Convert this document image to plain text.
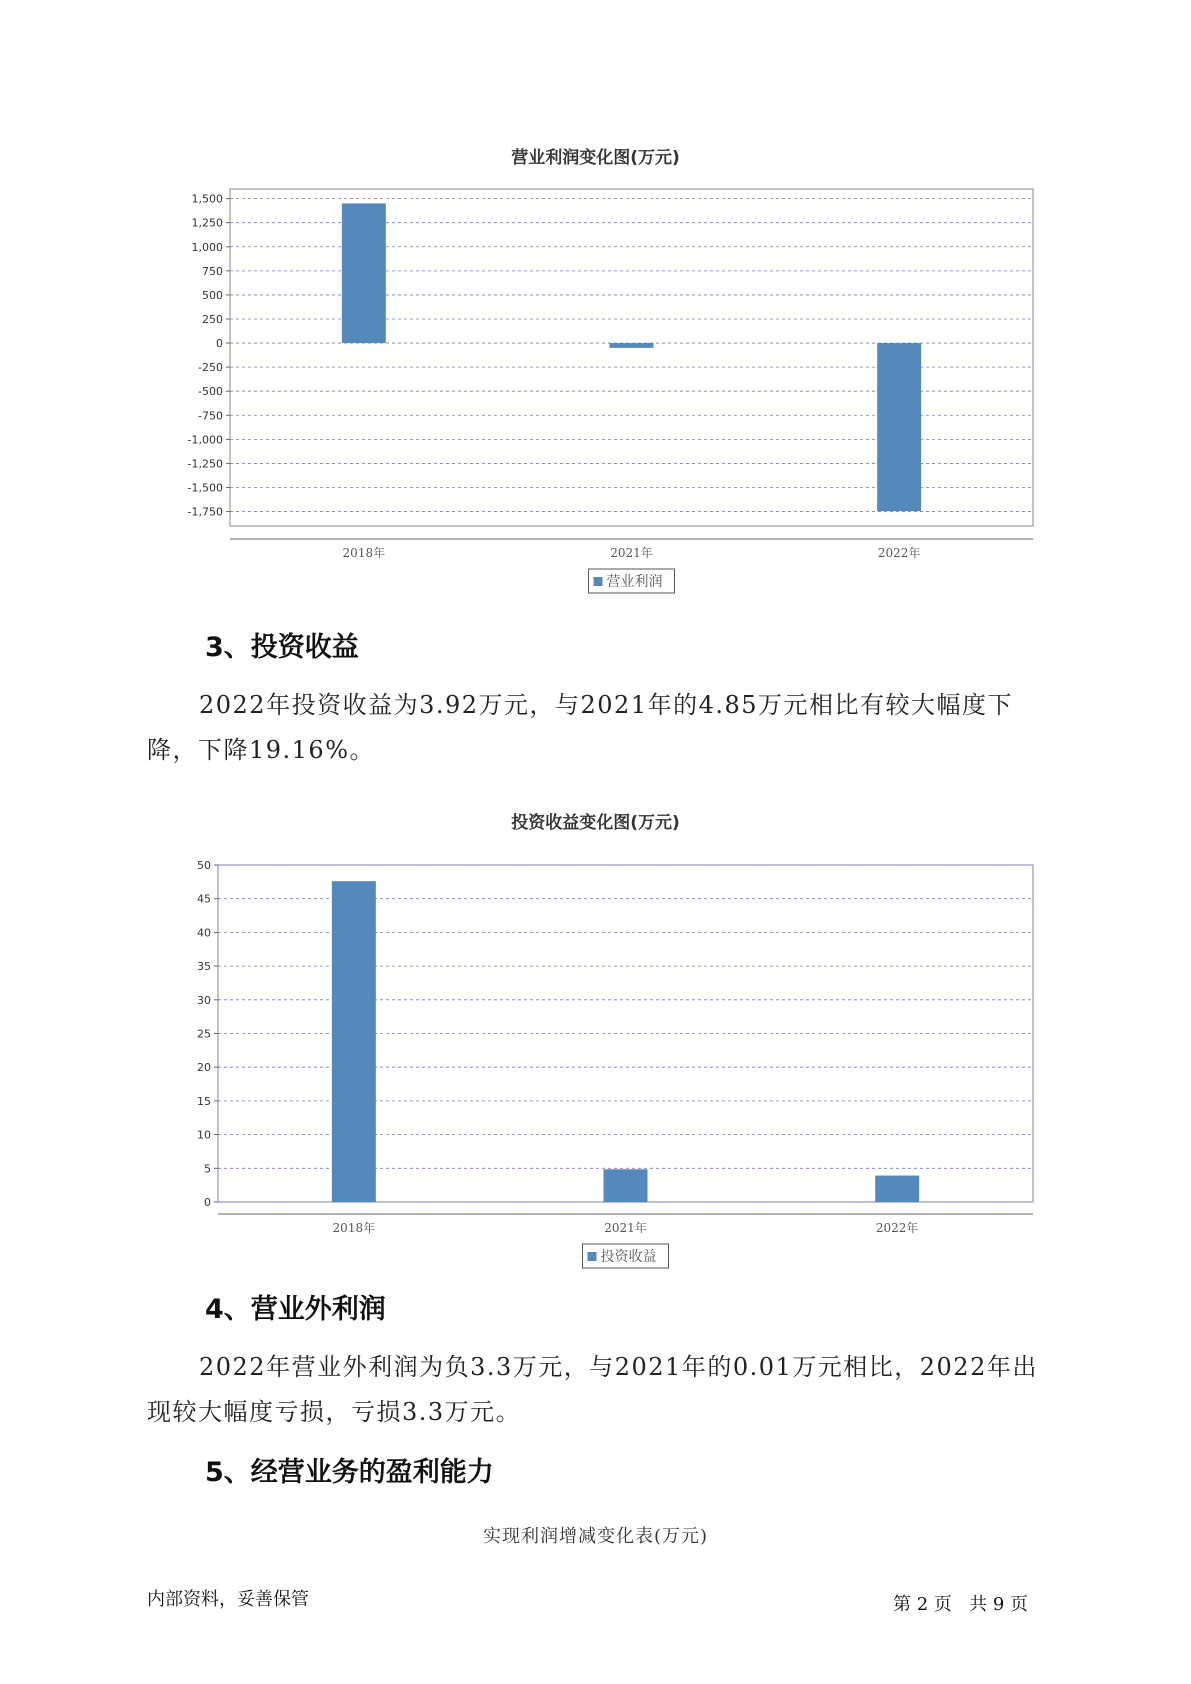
营业利润变化图(万元)
1,500
1,250
1,000
750
500
250
0
-250
-500
-750
-1,000
-1,250
-1,500
-1,750
2018年	2021年	2022年
营业利润
3、投资收益

2022年投资收益为3.92万元，与2021年的4.85万元相比有较大幅度下降，下降19.16%。

投资收益变化图(万元)
50
45
40
35
30
25
20
15
10
5
0
2018年	2021年	2022年
投资收益
4、营业外利润

2022年营业外利润为负3.3万元，与2021年的0.01万元相比，2022年出现较大幅度亏损，亏损3.3万元。

5、经营业务的盈利能力
实现利润增减变化表(万元)
内部资料，妥善保管	第 2 页 共 9 页
